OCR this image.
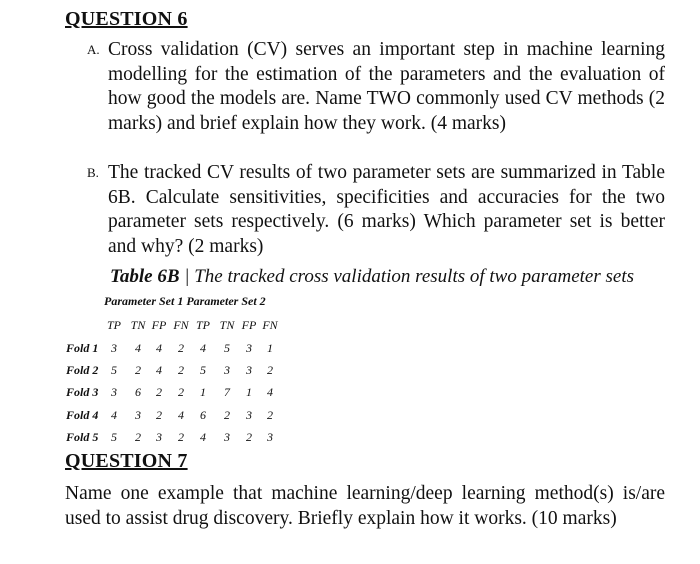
QUESTION 6
A. Cross validation (CV) serves an important step in machine learning modelling for the estimation of the parameters and the evaluation of how good the models are. Name TWO commonly used CV methods (2 marks) and brief explain how they work. (4 marks)
B. The tracked CV results of two parameter sets are summarized in Table 6B. Calculate sensitivities, specificities and accuracies for the two parameter sets respectively. (6 marks) Which parameter set is better and why? (2 marks)
Table 6B | The tracked cross validation results of two parameter sets
Parameter Set 1 Parameter Set 2
TP TN FP FN TP TN FP FN
Fold 1	3	4	4	2	4	5	3	1
Fold 2	5	2	4	2	5	3	3	2
Fold 3	3	6	2	2	1	7	1	4
Fold 4	4	3	2	4	6	2	3	2
Fold 5	5	2	3	2	4	3	2	3
QUESTION 7
Name one example that machine learning/deep learning method(s) is/are used to assist drug discovery. Briefly explain how it works. (10 marks)
